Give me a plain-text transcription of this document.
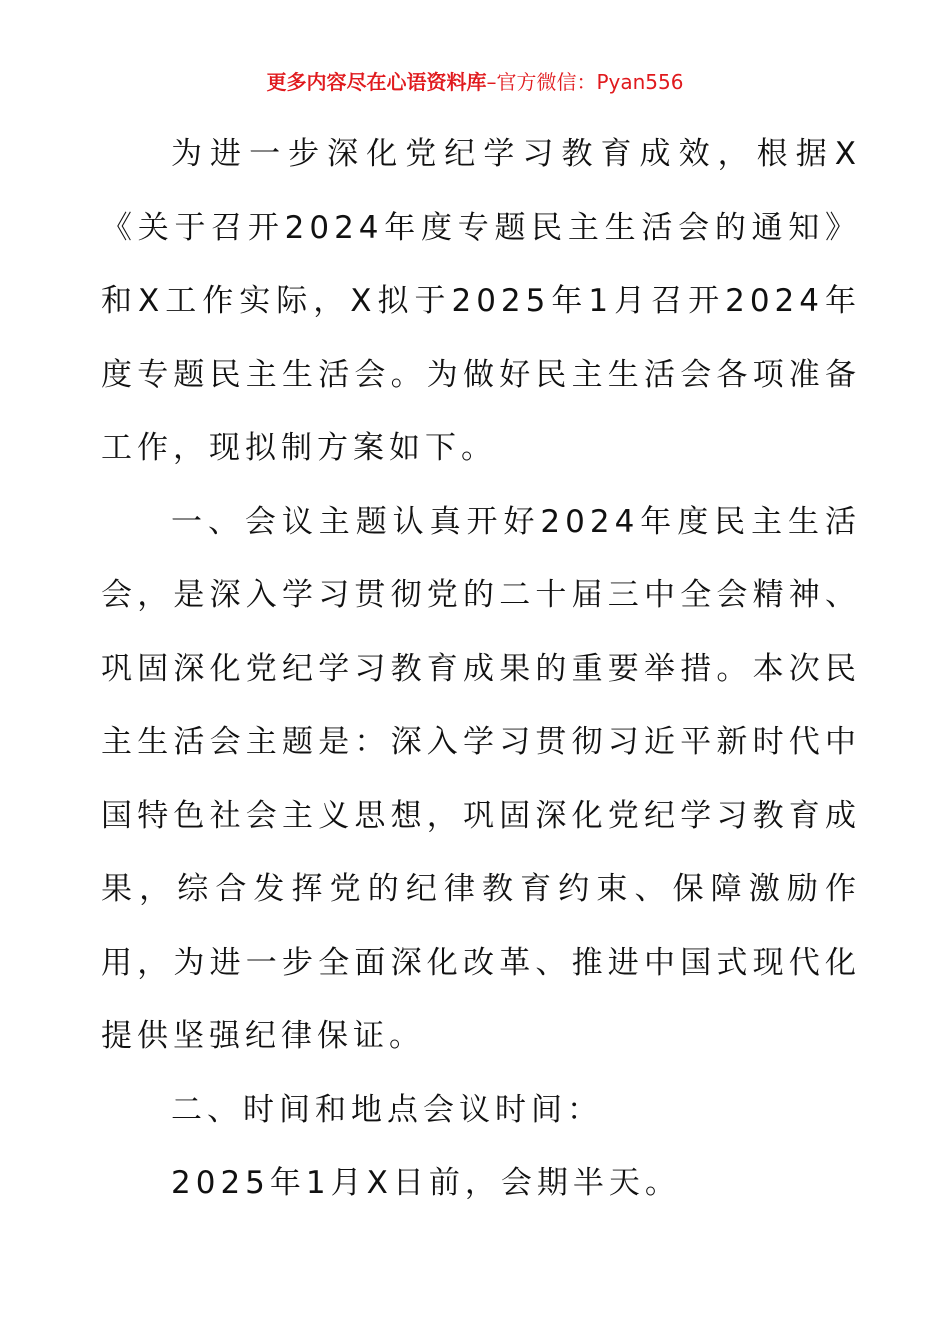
更多内容尽在心语资料库–官方微信：Pyan556

为进一步深化党纪学习教育成效，根据X《关于召开2024年度专题民主生活会的通知》和X工作实际，X拟于2025年1月召开2024年度专题民主生活会。为做好民主生活会各项准备工作，现拟制方案如下。

一、会议主题认真开好2024年度民主生活会，是深入学习贯彻党的二十届三中全会精神、巩固深化党纪学习教育成果的重要举措。本次民主生活会主题是：深入学习贯彻习近平新时代中国特色社会主义思想，巩固深化党纪学习教育成果，综合发挥党的纪律教育约束、保障激励作用，为进一步全面深化改革、推进中国式现代化提供坚强纪律保证。

二、时间和地点会议时间：

2025年1月X日前，会期半天。
